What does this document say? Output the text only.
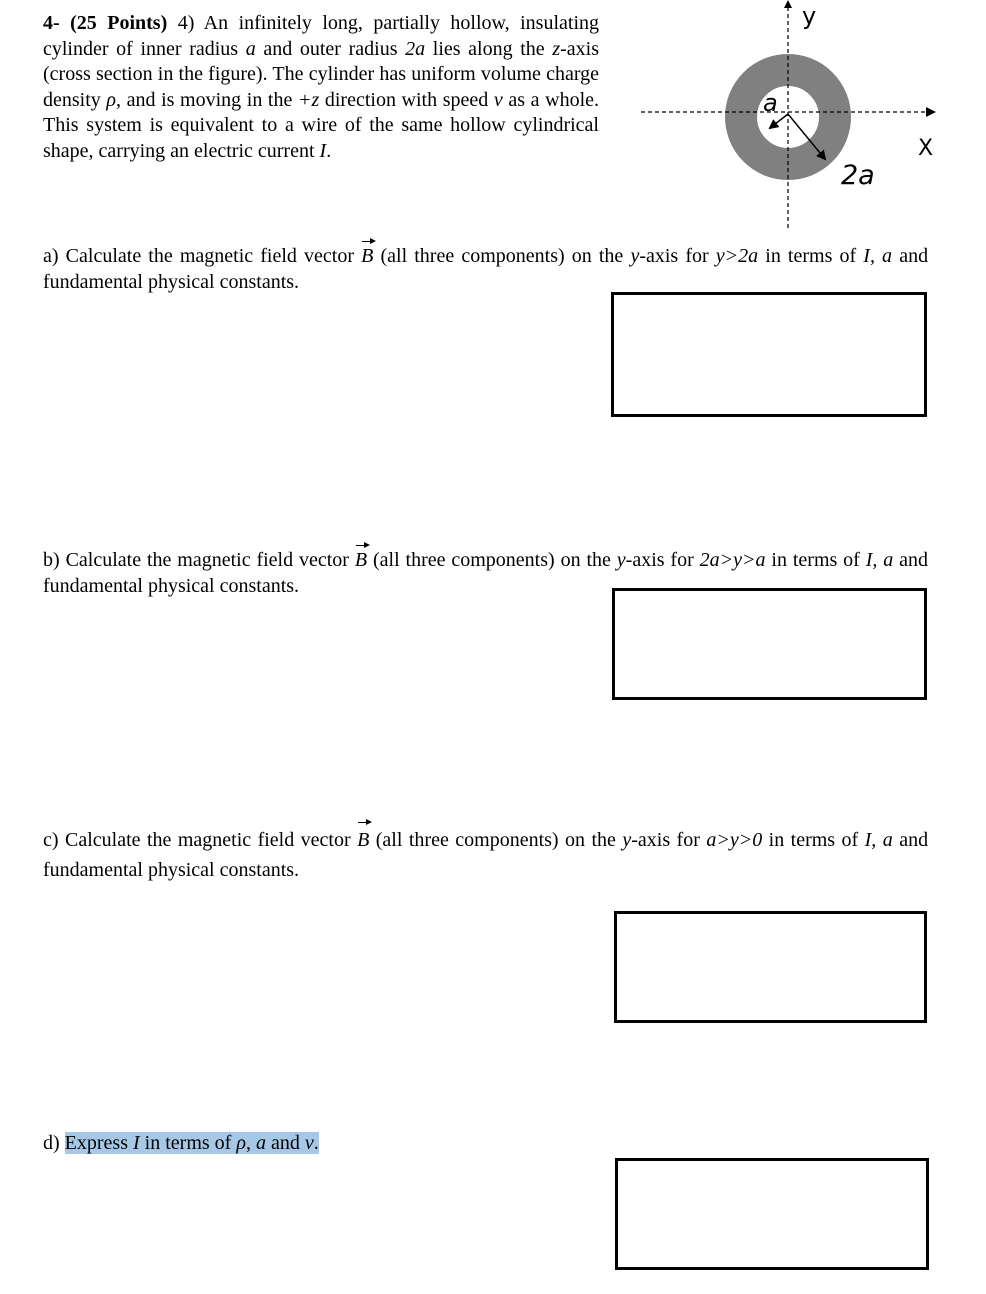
4- (25 Points) 4) An infinitely long, partially hollow, insulating cylinder of inner radius a and outer radius 2a lies along the z-axis (cross section in the figure). The cylinder has uniform volume charge density ρ, and is moving in the +z direction with speed v as a whole. This system is equivalent to a wire of the same hollow cylindrical shape, carrying an electric current I.

y
X
a
2a

a) Calculate the magnetic field vector B (all three components) on the y-axis for y>2a in terms of I, a and fundamental physical constants.

b) Calculate the magnetic field vector B (all three components) on the y-axis for 2a>y>a in terms of I, a and fundamental physical constants.

c) Calculate the magnetic field vector B (all three components) on the y-axis for a>y>0 in terms of I, a and fundamental physical constants.

d) Express I in terms of ρ, a and v.
